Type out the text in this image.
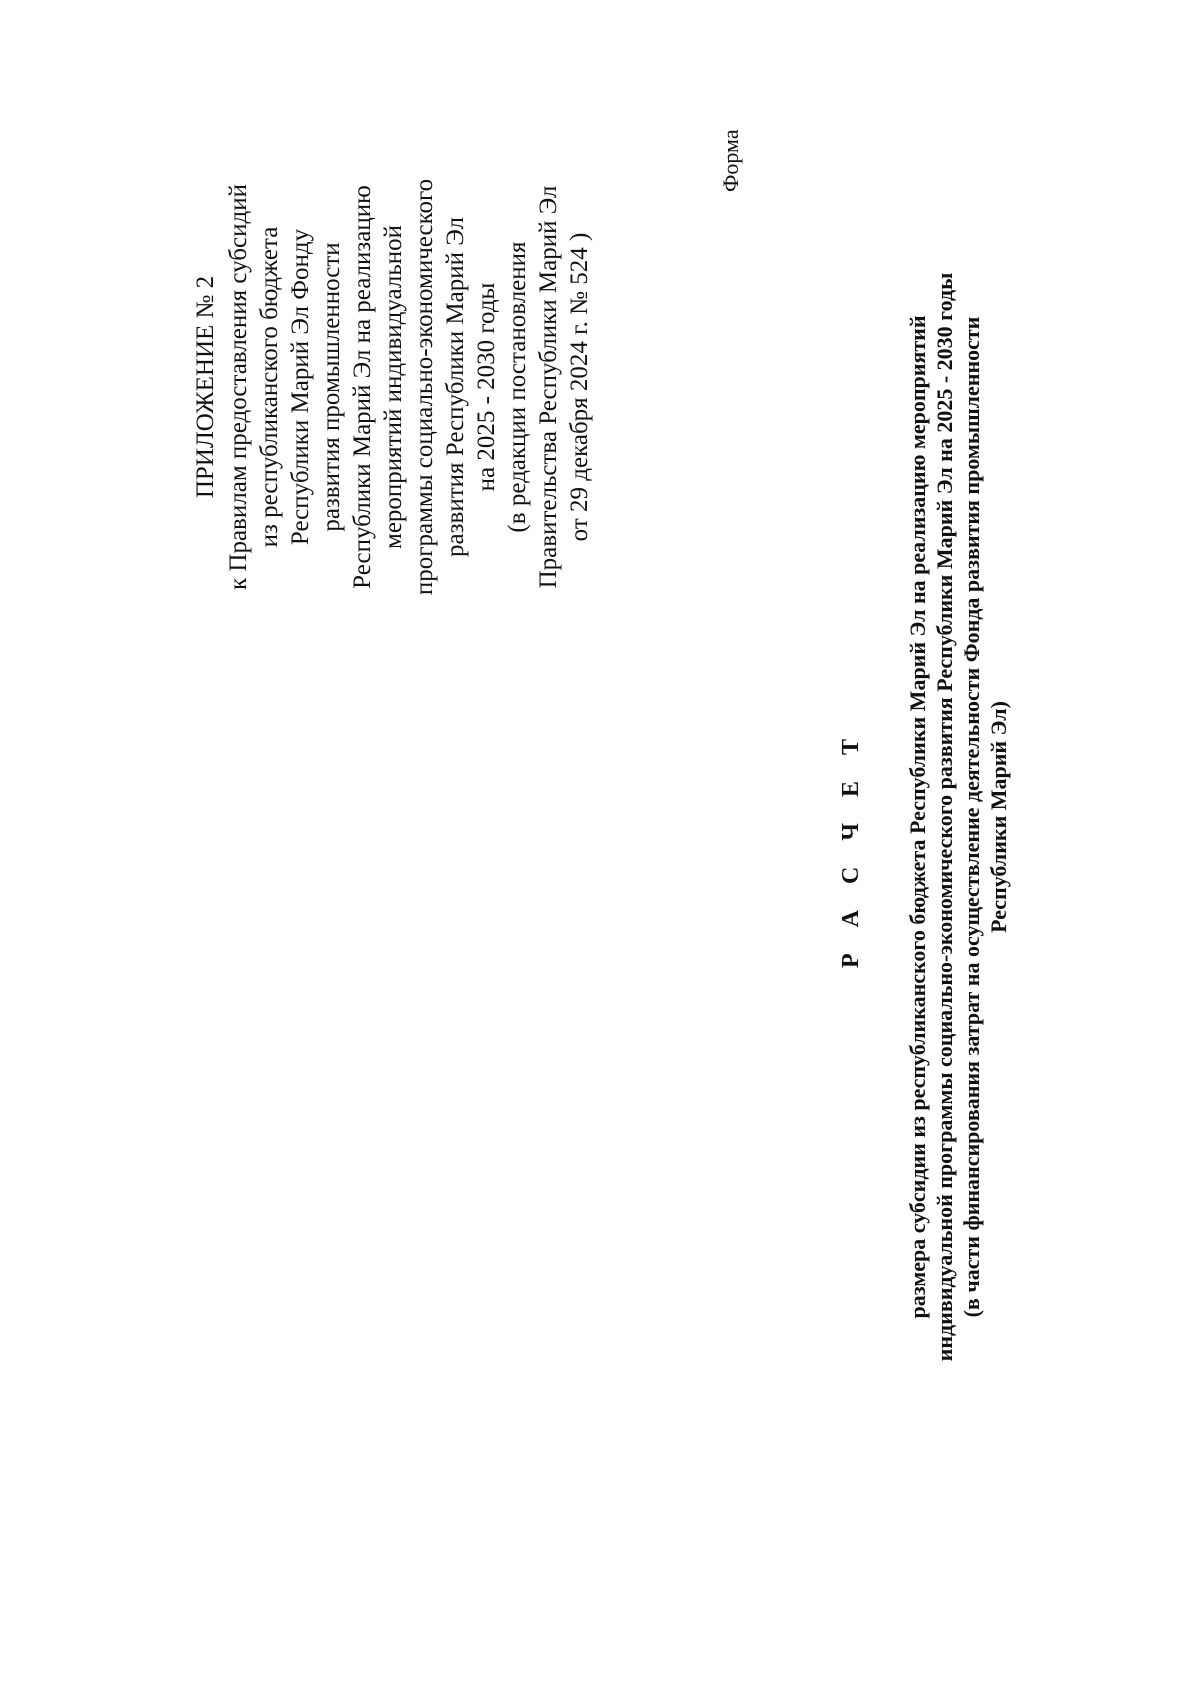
ПРИЛОЖЕНИЕ № 2 к Правилам предоставления субсидий из республиканского бюджета Республики Марий Эл Фонду развития промышленности Республики Марий Эл на реализацию мероприятий индивидуальной программы социально-экономического развития Республики Марий Эл на 2025 - 2030 годы (в редакции постановления Правительства Республики Марий Эл от 29 декабря 2024 г. № 524 )
Форма
Р А С Ч Е Т размера субсидии из республиканского бюджета Республики Марий Эл на реализацию мероприятий индивидуальной программы социально-экономического развития Республики Марий Эл на 2025 - 2030 годы (в части финансирования затрат на осуществление деятельности Фонда развития промышленности Республики Марий Эл)
